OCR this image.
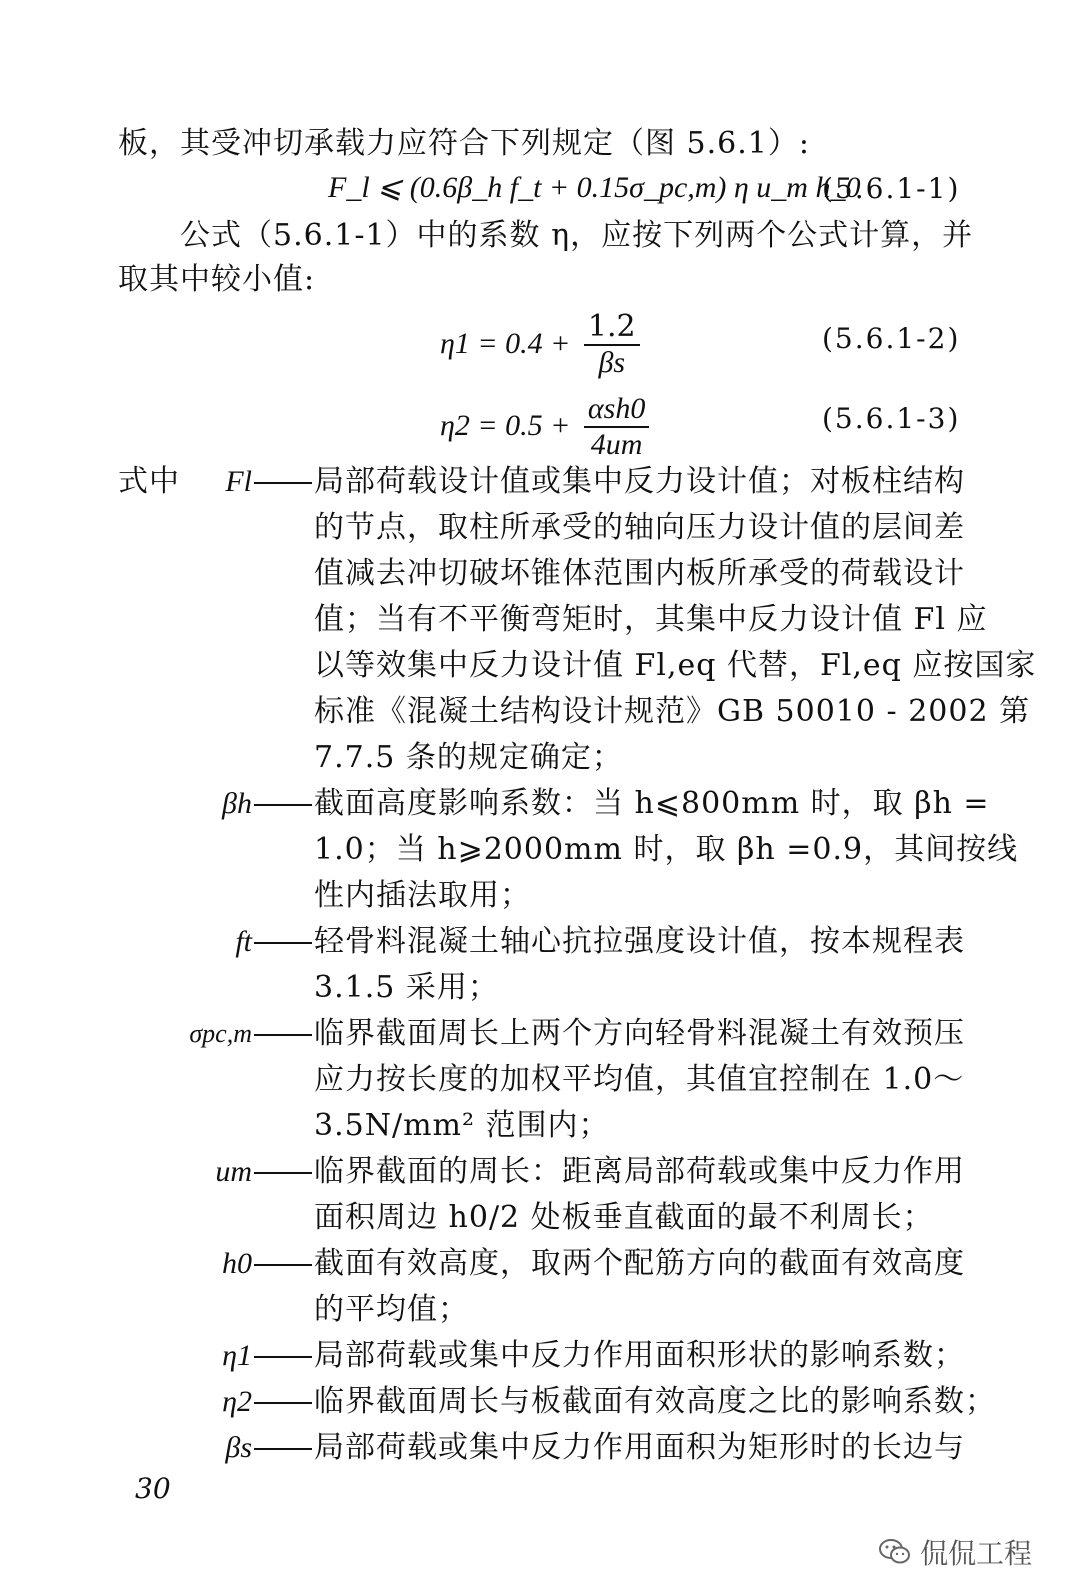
板，其受冲切承载力应符合下列规定（图 5.6.1）:
F_l ⩽ (0.6β_h f_t + 0.15σ_pc,m) η u_m h_0
(5.6.1-1)
公式（5.6.1-1）中的系数 η，应按下列两个公式计算，并
取其中较小值:
$\eta 1 = 0.4 + \frac{1.2}{\beta s}$	(5.6.1-2)
$\eta 2 = 0.5 + \frac{\text{αsh0}}{4um}$	(5.6.1-3)
式中	Fl	局部荷载设计值或集中反力设计值；对板柱结构
的节点，取柱所承受的轴向压力设计值的层间差
值减去冲切破坏锥体范围内板所承受的荷载设计
值；当有不平衡弯矩时，其集中反力设计值 Fl 应
以等效集中反力设计值 Fl,eq 代替，Fl,eq 应按国家
标准《混凝土结构设计规范》GB 50010 - 2002 第
7.7.5 条的规定确定；
βh	截面高度影响系数：当 h⩽800mm 时，取 βh =
1.0；当 h⩾2000mm 时，取 βh =0.9，其间按线
性内插法取用；
ft	轻骨料混凝土轴心抗拉强度设计值，按本规程表
3.1.5 采用；
σpc,m	临界截面周长上两个方向轻骨料混凝土有效预压
应力按长度的加权平均值，其值宜控制在 1.0～
3.5N/mm² 范围内；
um	临界截面的周长：距离局部荷载或集中反力作用
面积周边 h0/2 处板垂直截面的最不利周长；
h0	截面有效高度，取两个配筋方向的截面有效高度
的平均值；
η1	局部荷载或集中反力作用面积形状的影响系数；
η2	临界截面周长与板截面有效高度之比的影响系数；
βs	局部荷载或集中反力作用面积为矩形时的长边与
30
侃侃工程
